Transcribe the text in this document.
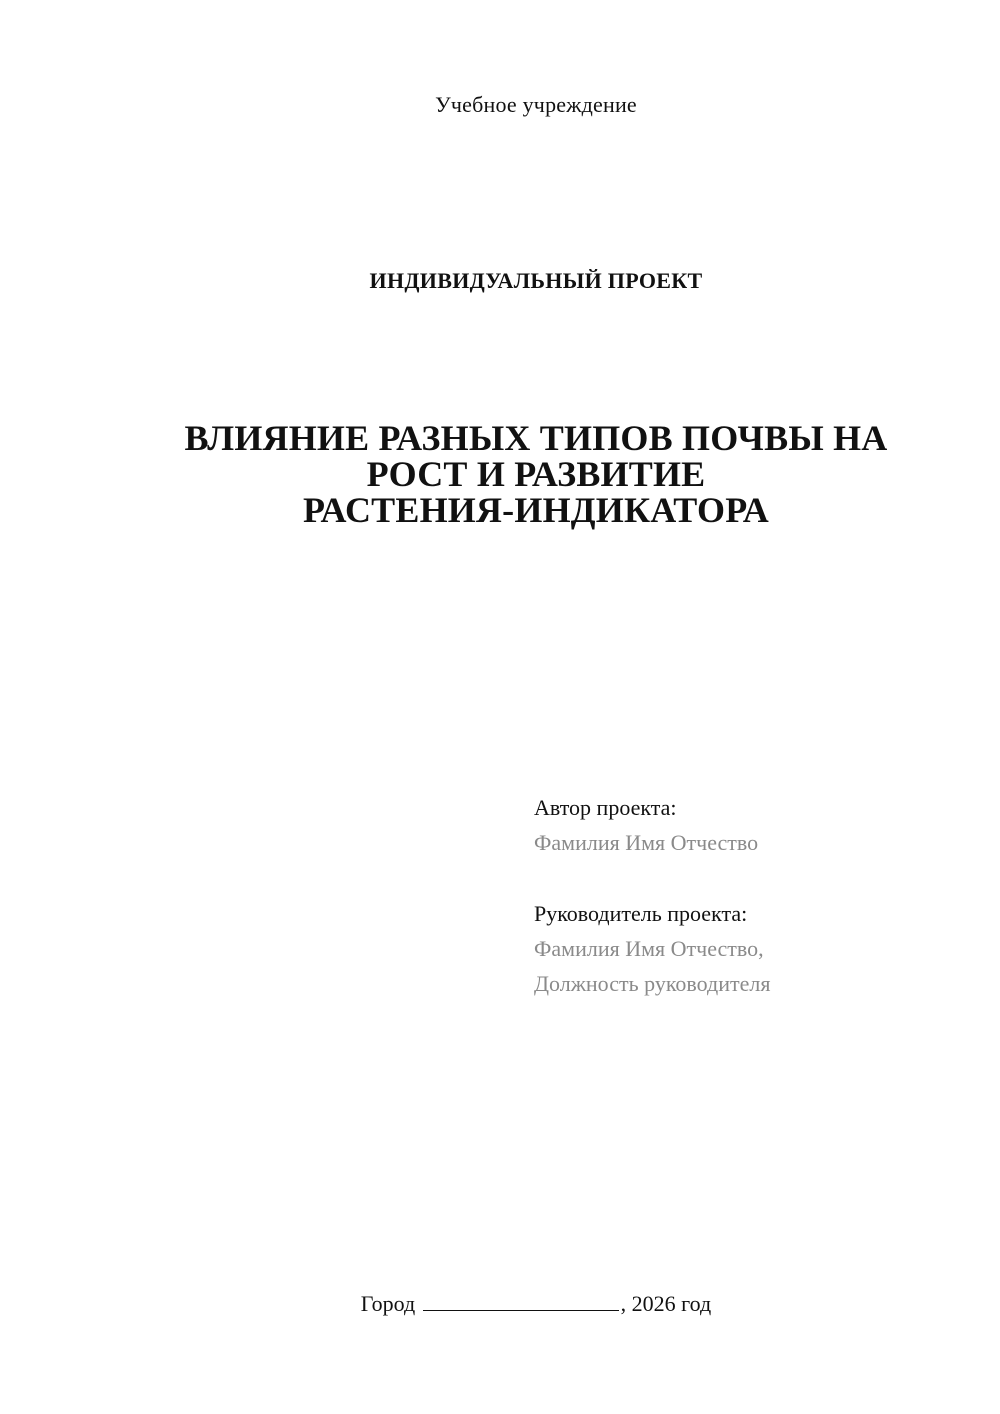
Учебное учреждение
ИНДИВИДУАЛЬНЫЙ ПРОЕКТ
ВЛИЯНИЕ РАЗНЫХ ТИПОВ ПОЧВЫ НА
РОСТ И РАЗВИТИЕ
РАСТЕНИЯ-ИНДИКАТОРА
Автор проекта:
Фамилия Имя Отчество
Руководитель проекта:
Фамилия Имя Отчество,
Должность руководителя
Город	, 2026 год
